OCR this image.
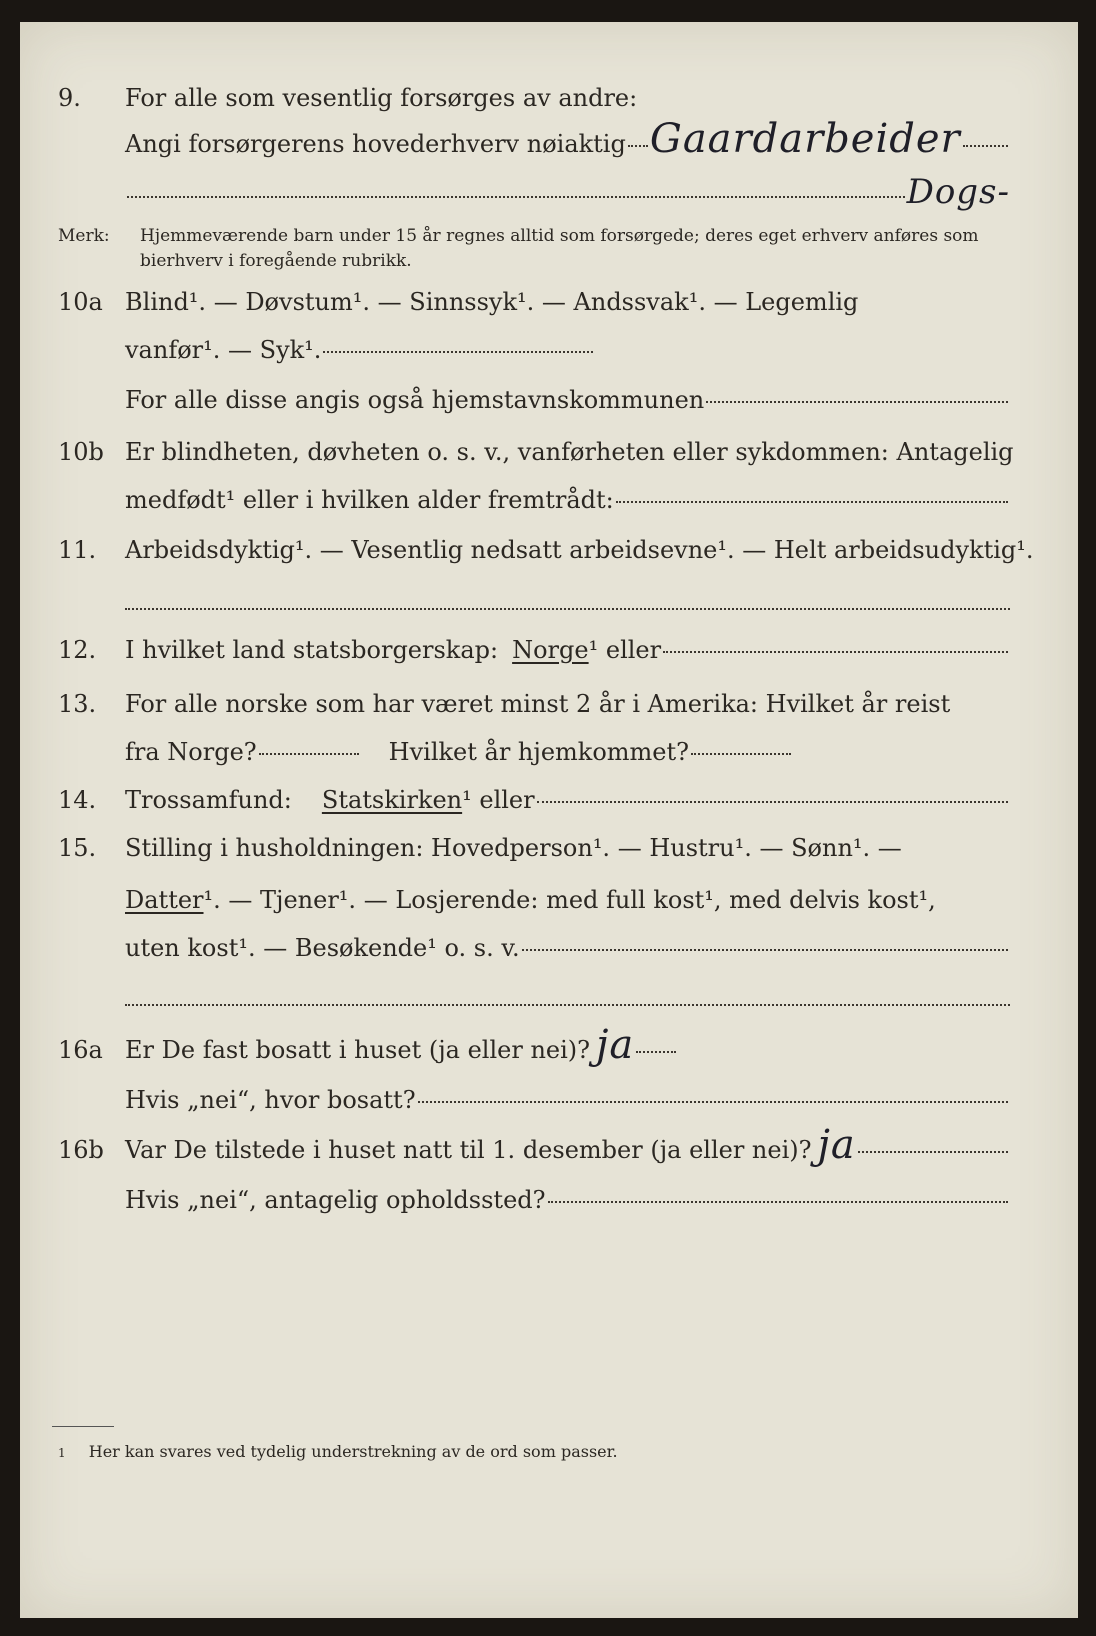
9. For alle som vesentlig forsørges av andre:
Angi forsørgerens hovederhverv nøiaktig Gaardarbeider
Dogs-
Merk: Hjemmeværende barn under 15 år regnes alltid som forsørgede; deres eget erhverv anføres som bierhverv i foregående rubrikk.
10a Blind¹. — Døvstum¹. — Sinnssyk¹. — Andssvak¹. — Legemlig
vanfør¹. — Syk¹.
For alle disse angis også hjemstavnskommunen
10b Er blindheten, døvheten o. s. v., vanførheten eller sykdommen: Antagelig
medfødt¹ eller i hvilken alder fremtrådt:
11. Arbeidsdyktig¹. — Vesentlig nedsatt arbeidsevne¹. — Helt arbeidsudyktig¹.
12. I hvilket land statsborgerskap: Norge ¹ eller
13. For alle norske som har været minst 2 år i Amerika: Hvilket år reist
fra Norge?	Hvilket år hjemkommet?
14. Trossamfund: Statskirken ¹ eller
15. Stilling i husholdningen: Hovedperson¹. — Hustru¹. — Sønn¹. —
Datter ¹. — Tjener¹. — Losjerende: med full kost¹, med delvis kost¹,
uten kost¹. — Besøkende¹ o. s. v.
16a Er De fast bosatt i huset (ja eller nei)? ja
Hvis „nei“, hvor bosatt?
16b Var De tilstede i huset natt til 1. desember (ja eller nei)? ja
Hvis „nei“, antagelig opholdssted?
1 Her kan svares ved tydelig understrekning av de ord som passer.
